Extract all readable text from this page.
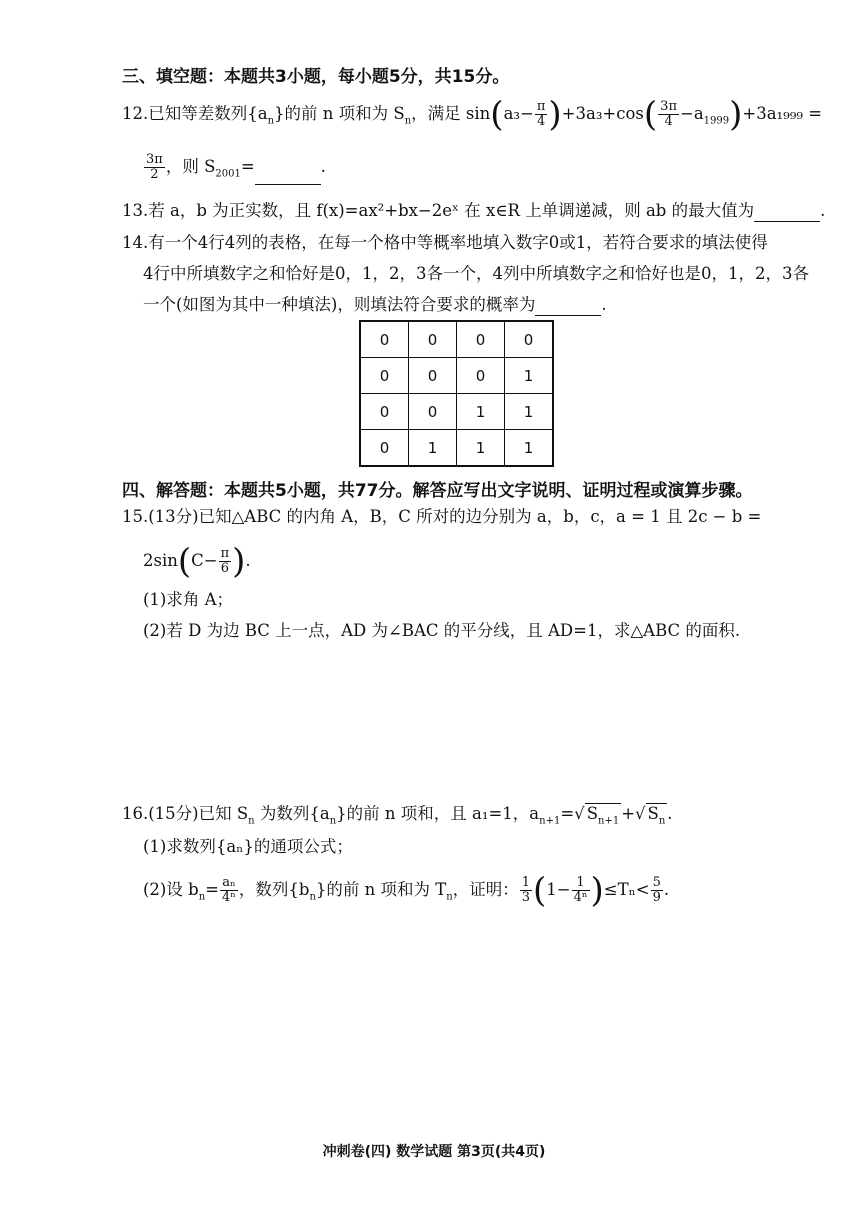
三、填空题：本题共3小题，每小题5分，共15分。
12.已知等差数列$\{a_n\}$的前 n 项和为 $S_n$，满足 $\sin(a_3- \frac{\pi}{4} )+3a_3+\cos( \frac{3\pi}{4} -a_{1999})+3a_{1999}$ =
$\frac{3\pi}{2}$ ，则 $S_{2001}=$	.
13.若 a，b 为正实数，且 f(x)=ax²+bx−2eˣ 在 x∈R 上单调递减，则 ab 的最大值为	.
14.有一个4行4列的表格，在每一个格中等概率地填入数字0或1，若符合要求的填法使得
4行中所填数字之和恰好是0，1，2，3各一个，4列中所填数字之和恰好也是0，1，2，3各
一个(如图为其中一种填法)，则填法符合要求的概率为	.
0	0	0	0
0	0	0	1
0	0	1	1
0	1	1	1
四、解答题：本题共5小题，共77分。解答应写出文字说明、证明过程或演算步骤。
15.(13分)已知△ABC 的内角 A，B，C 所对的边分别为 a，b，c，a = 1 且 2c − b =
$2\sin(C- \frac{\pi}{6}$ ).
(1)求角 A；
(2)若 D 为边 BC 上一点，AD 为∠BAC 的平分线，且 AD=1，求△ABC 的面积.
16.(15分)已知 $S_n$ 为数列$\{a_n\}$的前 n 项和，且 a₁=1，$a_{n+1}=√$ $S_{n+1}$ +√ $S_n$ .
(1)求数列{aₙ}的通项公式；
(2)设 $b_n= \frac{\text{aₙ}}{\text{4ⁿ}}$ ，数列$\{b_n\}$的前 n 项和为 $T_n$，证明： $\frac{1}{3} (1- \frac{1}{\text{4ⁿ}} )\le T_n< \frac{5}{9}$ .
冲刺卷(四) 数学试题 第3页(共4页)
